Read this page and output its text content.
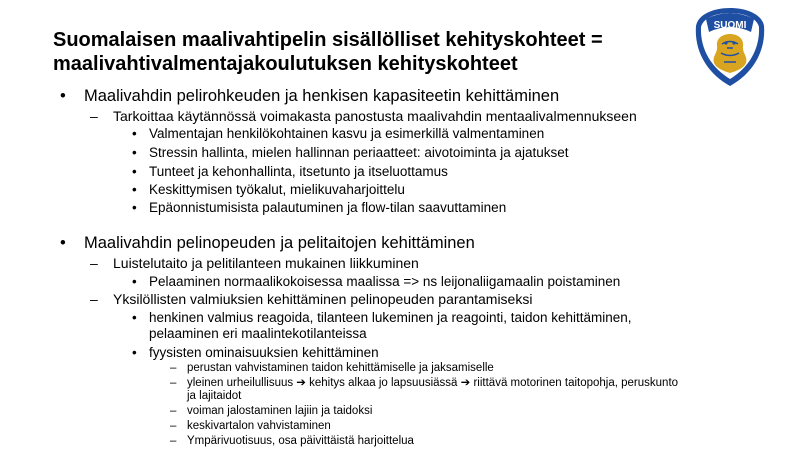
Suomalaisen maalivahtipelin sisällölliset kehityskohteet =
maalivahtivalmentajakoulutuksen kehityskohteet
SUOMI
• Maalivahdin pelirohkeuden ja henkisen kapasiteetin kehittäminen
– Tarkoittaa käytännössä voimakasta panostusta maalivahdin mentaalivalmennukseen
• Valmentajan henkilökohtainen kasvu ja esimerkillä valmentaminen
• Stressin hallinta, mielen hallinnan periaatteet: aivotoiminta ja ajatukset
• Tunteet ja kehonhallinta, itsetunto ja itseluottamus
• Keskittymisen työkalut, mielikuvaharjoittelu
• Epäonnistumisista palautuminen ja flow-tilan saavuttaminen
• Maalivahdin pelinopeuden ja pelitaitojen kehittäminen
– Luistelutaito ja pelitilanteen mukainen liikkuminen
• Pelaaminen normaalikokoisessa maalissa => ns leijonaliigamaalin poistaminen
– Yksilöllisten valmiuksien kehittäminen pelinopeuden parantamiseksi
• henkinen valmius reagoida, tilanteen lukeminen ja reagointi, taidon kehittäminen,
pelaaminen eri maalintekotilanteissa
• fyysisten ominaisuuksien kehittäminen
– perustan vahvistaminen taidon kehittämiselle ja jaksamiselle
– yleinen urheilullisuus ➔ kehitys alkaa jo lapsuusiässä ➔ riittävä motorinen taitopohja, peruskunto
ja lajitaidot
– voiman jalostaminen lajiin ja taidoksi
– keskivartalon vahvistaminen
– Ympärivuotisuus, osa päivittäistä harjoittelua
